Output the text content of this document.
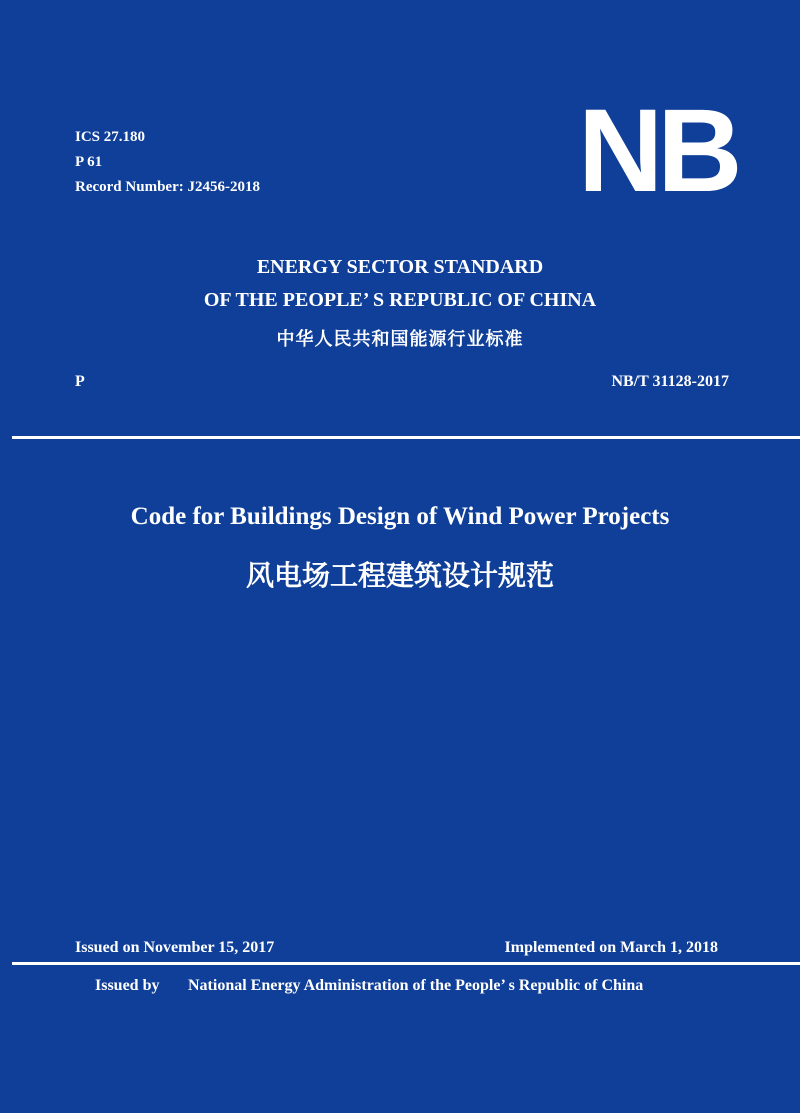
ICS 27.180
P 61
Record Number: J2456-2018	NB
ENERGY SECTOR STANDARD
OF THE PEOPLE’ S REPUBLIC OF CHINA
中华人民共和国能源行业标准
P	NB/T 31128-2017
Code for Buildings Design of Wind Power Projects
风电场工程建筑设计规范
Issued on November 15, 2017	Implemented on March 1, 2018
Issued by National Energy Administration of the People’ s Republic of China
